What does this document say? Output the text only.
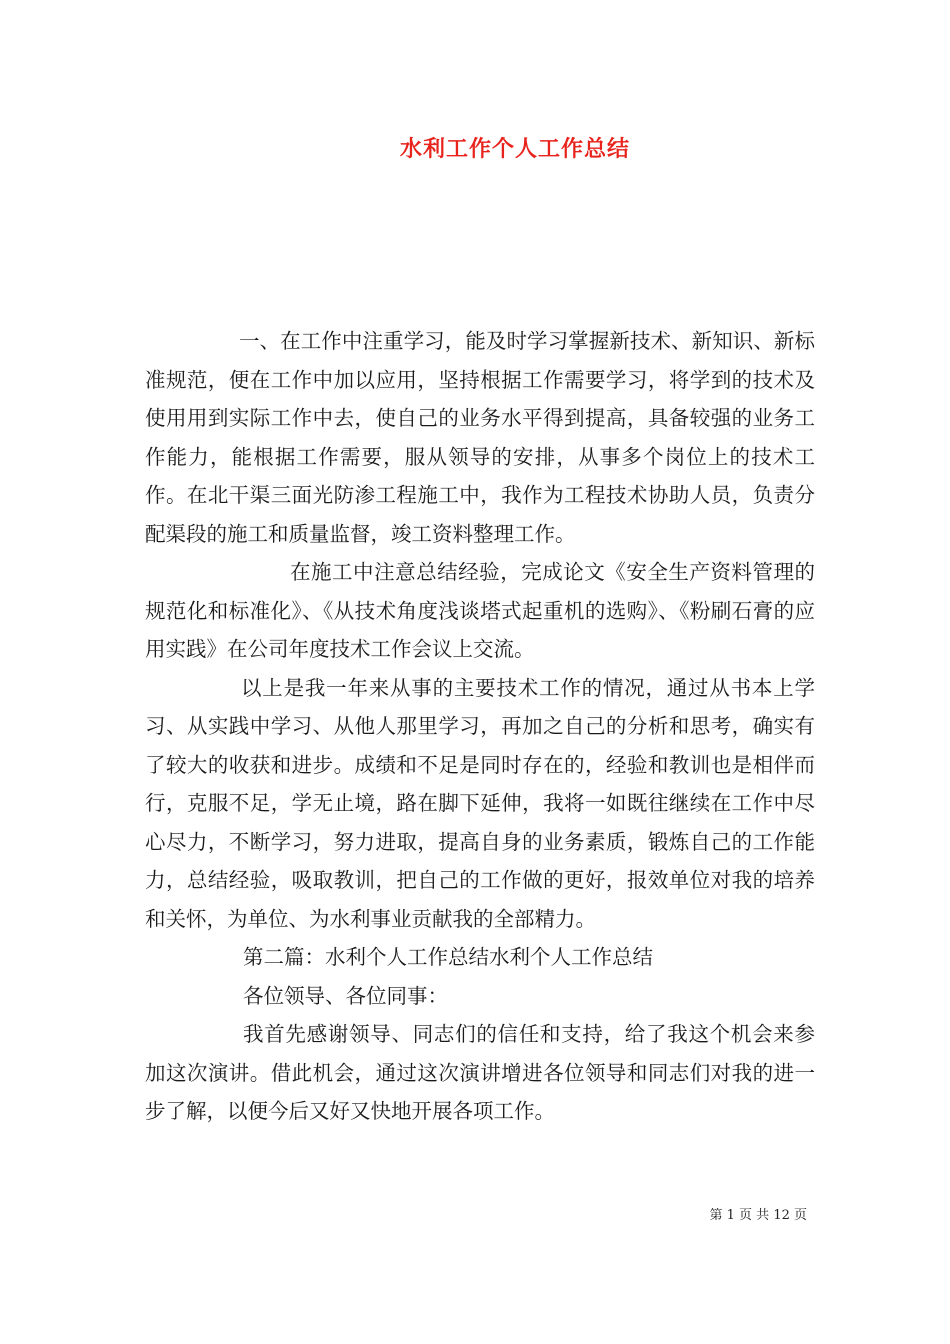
水利工作个人工作总结

一、在工作中注重学习，能及时学习掌握新技术、新知识、新标准规范，便在工作中加以应用，坚持根据工作需要学习，将学到的技术及使用用到实际工作中去，使自己的业务水平得到提高，具备较强的业务工作能力，能根据工作需要，服从领导的安排，从事多个岗位上的技术工作。在北干渠三面光防渗工程施工中，我作为工程技术协助人员，负责分配渠段的施工和质量监督，竣工资料整理工作。

在施工中注意总结经验，完成论文《安全生产资料管理的规范化和标准化》、《从技术角度浅谈塔式起重机的选购》、《粉刷石膏的应用实践》在公司年度技术工作会议上交流。

以上是我一年来从事的主要技术工作的情况，通过从书本上学习、从实践中学习、从他人那里学习，再加之自己的分析和思考，确实有了较大的收获和进步。成绩和不足是同时存在的，经验和教训也是相伴而行，克服不足，学无止境，路在脚下延伸，我将一如既往继续在工作中尽心尽力，不断学习，努力进取，提高自身的业务素质，锻炼自己的工作能力，总结经验，吸取教训，把自己的工作做的更好，报效单位对我的培养和关怀，为单位、为水利事业贡献我的全部精力。

第二篇：水利个人工作总结水利个人工作总结

各位领导、各位同事：

我首先感谢领导、同志们的信任和支持，给了我这个机会来参加这次演讲。借此机会，通过这次演讲增进各位领导和同志们对我的进一步了解，以便今后又好又快地开展各项工作。

第 1 页 共 12 页
